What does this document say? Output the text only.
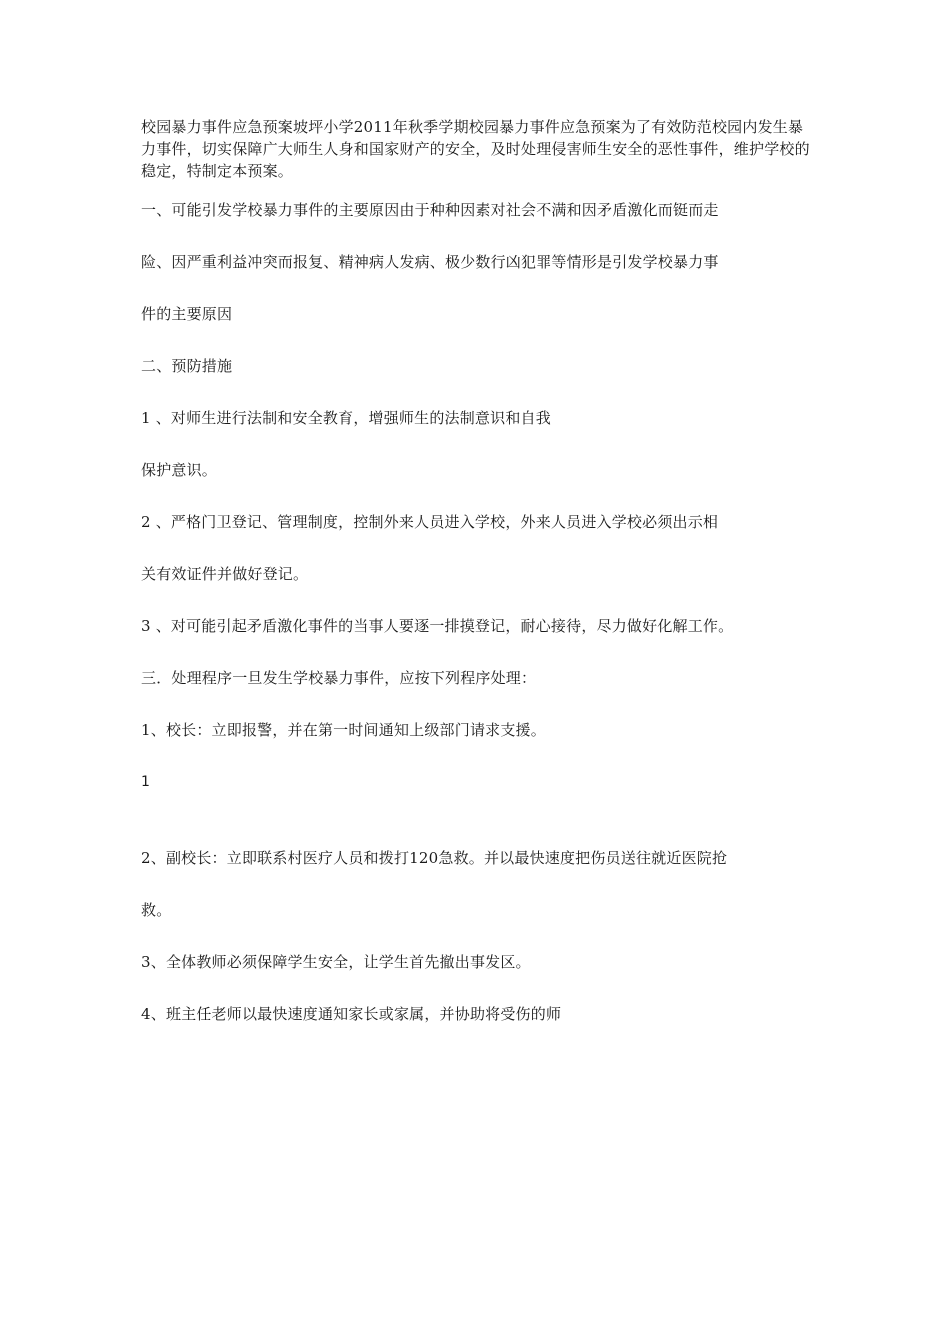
校园暴力事件应急预案坡坪小学2011年秋季学期校园暴力事件应急预案为了有效防范校园内发生暴力事件，切实保障广大师生人身和国家财产的安全，及时处理侵害师生安全的恶性事件，维护学校的稳定，特制定本预案。

一、可能引发学校暴力事件的主要原因由于种种因素对社会不满和因矛盾激化而铤而走

险、因严重利益冲突而报复、精神病人发病、极少数行凶犯罪等情形是引发学校暴力事

件的主要原因

二、预防措施

1 、对师生进行法制和安全教育，增强师生的法制意识和自我

保护意识。

2 、严格门卫登记、管理制度，控制外来人员进入学校，外来人员进入学校必须出示相

关有效证件并做好登记。

3 、对可能引起矛盾激化事件的当事人要逐一排摸登记，耐心接待，尽力做好化解工作。

三．处理程序一旦发生学校暴力事件，应按下列程序处理：

1、校长：立即报警，并在第一时间通知上级部门请求支援。

1

2、副校长：立即联系村医疗人员和拨打120急救。并以最快速度把伤员送往就近医院抢

救。

3、全体教师必须保障学生安全，让学生首先撤出事发区。

4、班主任老师以最快速度通知家长或家属，并协助将受伤的师
